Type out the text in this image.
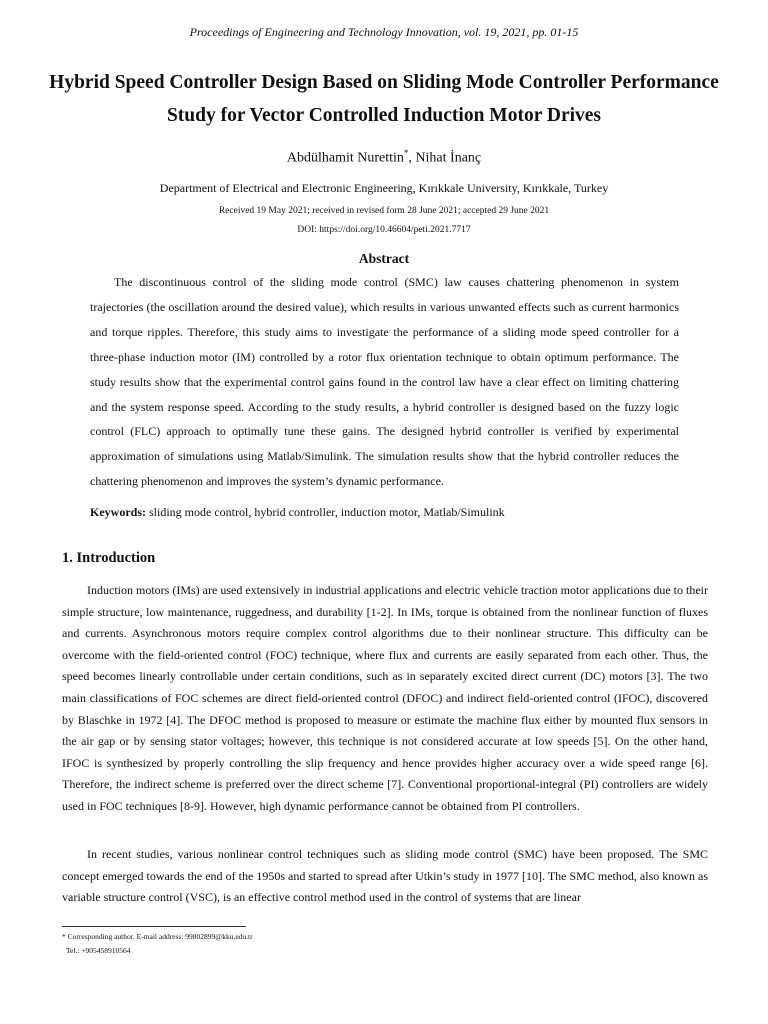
Proceedings of Engineering and Technology Innovation, vol. 19, 2021, pp. 01-15
Hybrid Speed Controller Design Based on Sliding Mode Controller Performance Study for Vector Controlled Induction Motor Drives
Abdülhamit Nurettin*, Nihat İnanç
Department of Electrical and Electronic Engineering, Kırıkkale University, Kırıkkale, Turkey
Received 19 May 2021; received in revised form 28 June 2021; accepted 29 June 2021
DOI: https://doi.org/10.46604/peti.2021.7717
Abstract

The discontinuous control of the sliding mode control (SMC) law causes chattering phenomenon in system trajectories (the oscillation around the desired value), which results in various unwanted effects such as current harmonics and torque ripples. Therefore, this study aims to investigate the performance of a sliding mode speed controller for a three-phase induction motor (IM) controlled by a rotor flux orientation technique to obtain optimum performance. The study results show that the experimental control gains found in the control law have a clear effect on limiting chattering and the system response speed. According to the study results, a hybrid controller is designed based on the fuzzy logic control (FLC) approach to optimally tune these gains. The designed hybrid controller is verified by experimental approximation of simulations using Matlab/Simulink. The simulation results show that the hybrid controller reduces the chattering phenomenon and improves the system’s dynamic performance.

Keywords: sliding mode control, hybrid controller, induction motor, Matlab/Simulink
1. Introduction

Induction motors (IMs) are used extensively in industrial applications and electric vehicle traction motor applications due to their simple structure, low maintenance, ruggedness, and durability [1-2]. In IMs, torque is obtained from the nonlinear function of fluxes and currents. Asynchronous motors require complex control algorithms due to their nonlinear structure. This difficulty can be overcome with the field-oriented control (FOC) technique, where flux and currents are easily separated from each other. Thus, the speed becomes linearly controllable under certain conditions, such as in separately excited direct current (DC) motors [3]. The two main classifications of FOC schemes are direct field-oriented control (DFOC) and indirect field-oriented control (IFOC), discovered by Blaschke in 1972 [4]. The DFOC method is proposed to measure or estimate the machine flux either by mounted flux sensors in the air gap or by sensing stator voltages; however, this technique is not considered accurate at low speeds [5]. On the other hand, IFOC is synthesized by properly controlling the slip frequency and hence provides higher accuracy over a wide speed range [6]. Therefore, the indirect scheme is preferred over the direct scheme [7]. Conventional proportional-integral (PI) controllers are widely used in FOC techniques [8-9]. However, high dynamic performance cannot be obtained from PI controllers.

In recent studies, various nonlinear control techniques such as sliding mode control (SMC) have been proposed. The SMC concept emerged towards the end of the 1950s and started to spread after Utkin’s study in 1977 [10]. The SMC method, also known as variable structure control (VSC), is an effective control method used in the control of systems that are linear

* Corresponding author. E-mail address: 99802899@kku.edu.tr
Tel.: +905458910564
